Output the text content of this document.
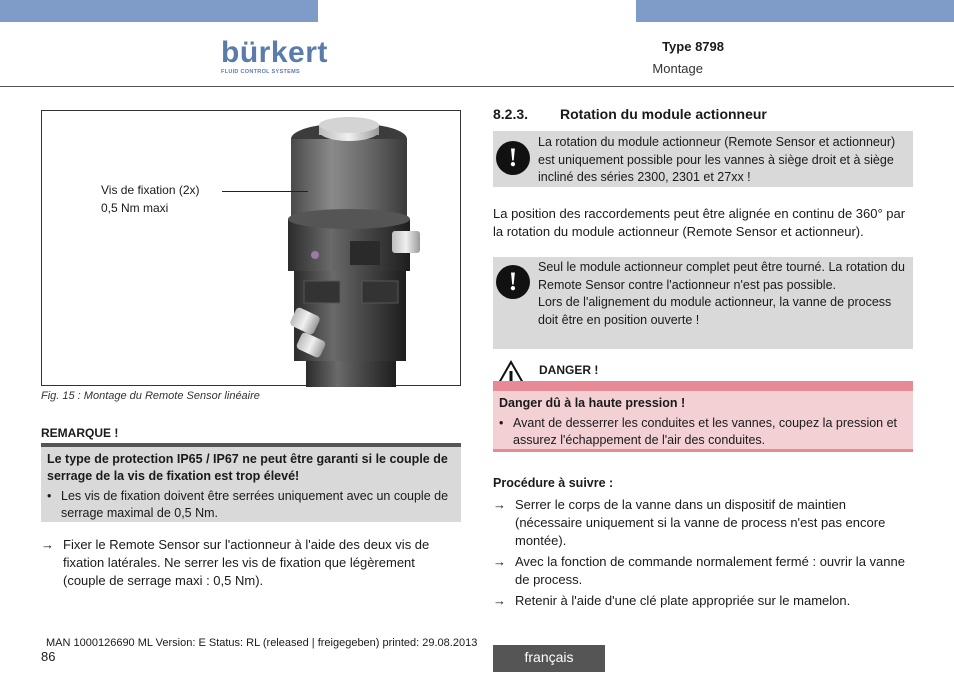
bürkert
FLUID CONTROL SYSTEMS
Type 8798
Montage
Vis de fixation (2x)
0,5 Nm maxi
Fig. 15 : Montage du Remote Sensor linéaire
REMARQUE !
Le type de protection IP65 / IP67 ne peut être garanti si le couple de serrage de la vis de fixation est trop élevé!
• Les vis de fixation doivent être serrées uniquement avec un couple de serrage maximal de 0,5 Nm.
→ Fixer le Remote Sensor sur l'actionneur à l'aide des deux vis de fixation latérales. Ne serrer les vis de fixation que légèrement (couple de serrage maxi : 0,5 Nm).
8.2.3. Rotation du module actionneur
!
La rotation du module actionneur (Remote Sensor et actionneur) est uniquement possible pour les vannes à siège droit et à siège incliné des séries 2300, 2301 et 27xx !
La position des raccordements peut être alignée en continu de 360° par la rotation du module actionneur (Remote Sensor et actionneur).
!	Seul le module actionneur complet peut être tourné. La rotation du Remote Sensor contre l'actionneur n'est pas possible.
Lors de l'alignement du module actionneur, la vanne de process doit être en position ouverte !
DANGER !
Danger dû à la haute pression !
• Avant de desserrer les conduites et les vannes, coupez la pression et assurez l'échappement de l'air des conduites.
Procédure à suivre :
→ Serrer le corps de la vanne dans un dispositif de maintien (nécessaire uniquement si la vanne de process n'est pas encore montée).
→ Avec la fonction de commande normalement fermé : ouvrir la vanne de process.
→ Retenir à l'aide d'une clé plate appropriée sur le mamelon.
MAN 1000126690 ML Version: E Status: RL (released | freigegeben) printed: 29.08.2013
86	français
